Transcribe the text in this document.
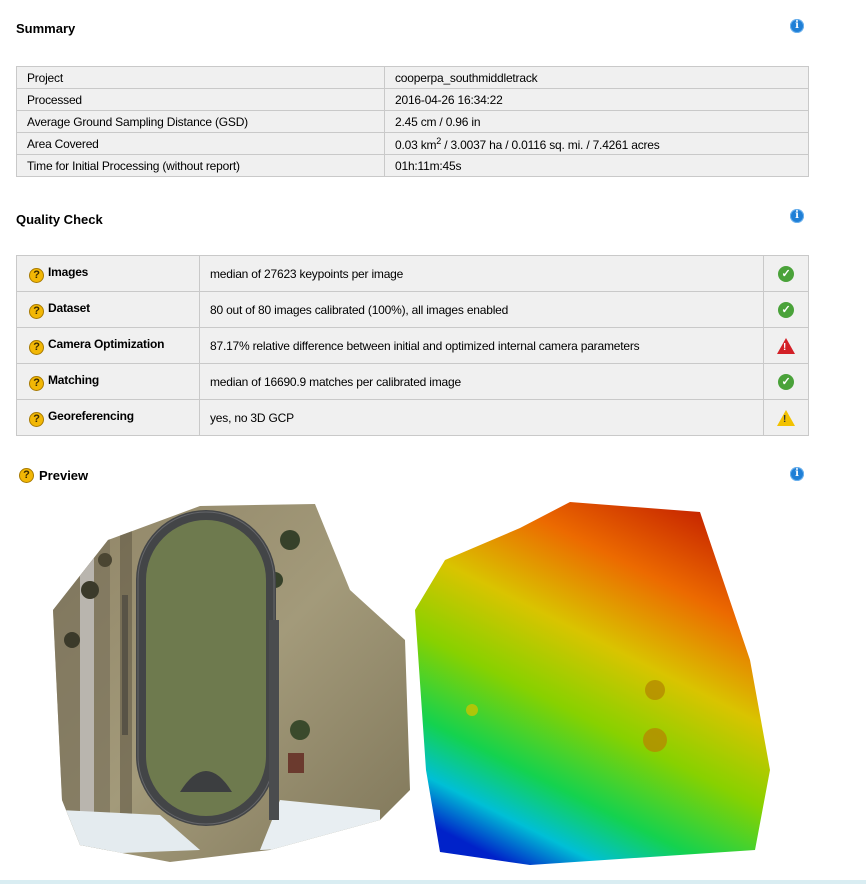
Summary	i
Project	cooperpa_southmiddletrack
Processed	2016-04-26 16:34:22
Average Ground Sampling Distance (GSD)	2.45 cm / 0.96 in
Area Covered	0.03 $km^2 / 3.0037$ ha / 0.0116 sq. mi. / 7.4261 acres
Time for Initial Processing (without report)	01h:11m:45s
Quality Check	i
? Images	median of 27623 keypoints per image	✓
? Dataset	80 out of 80 images calibrated (100%), all images enabled	✓
? Camera Optimization	87.17% relative difference between initial and optimized internal camera parameters	!

? Matching	median of 16690.9 matches per calibrated image	✓
? Georeferencing	yes, no 3D GCP	!
? Preview	i
